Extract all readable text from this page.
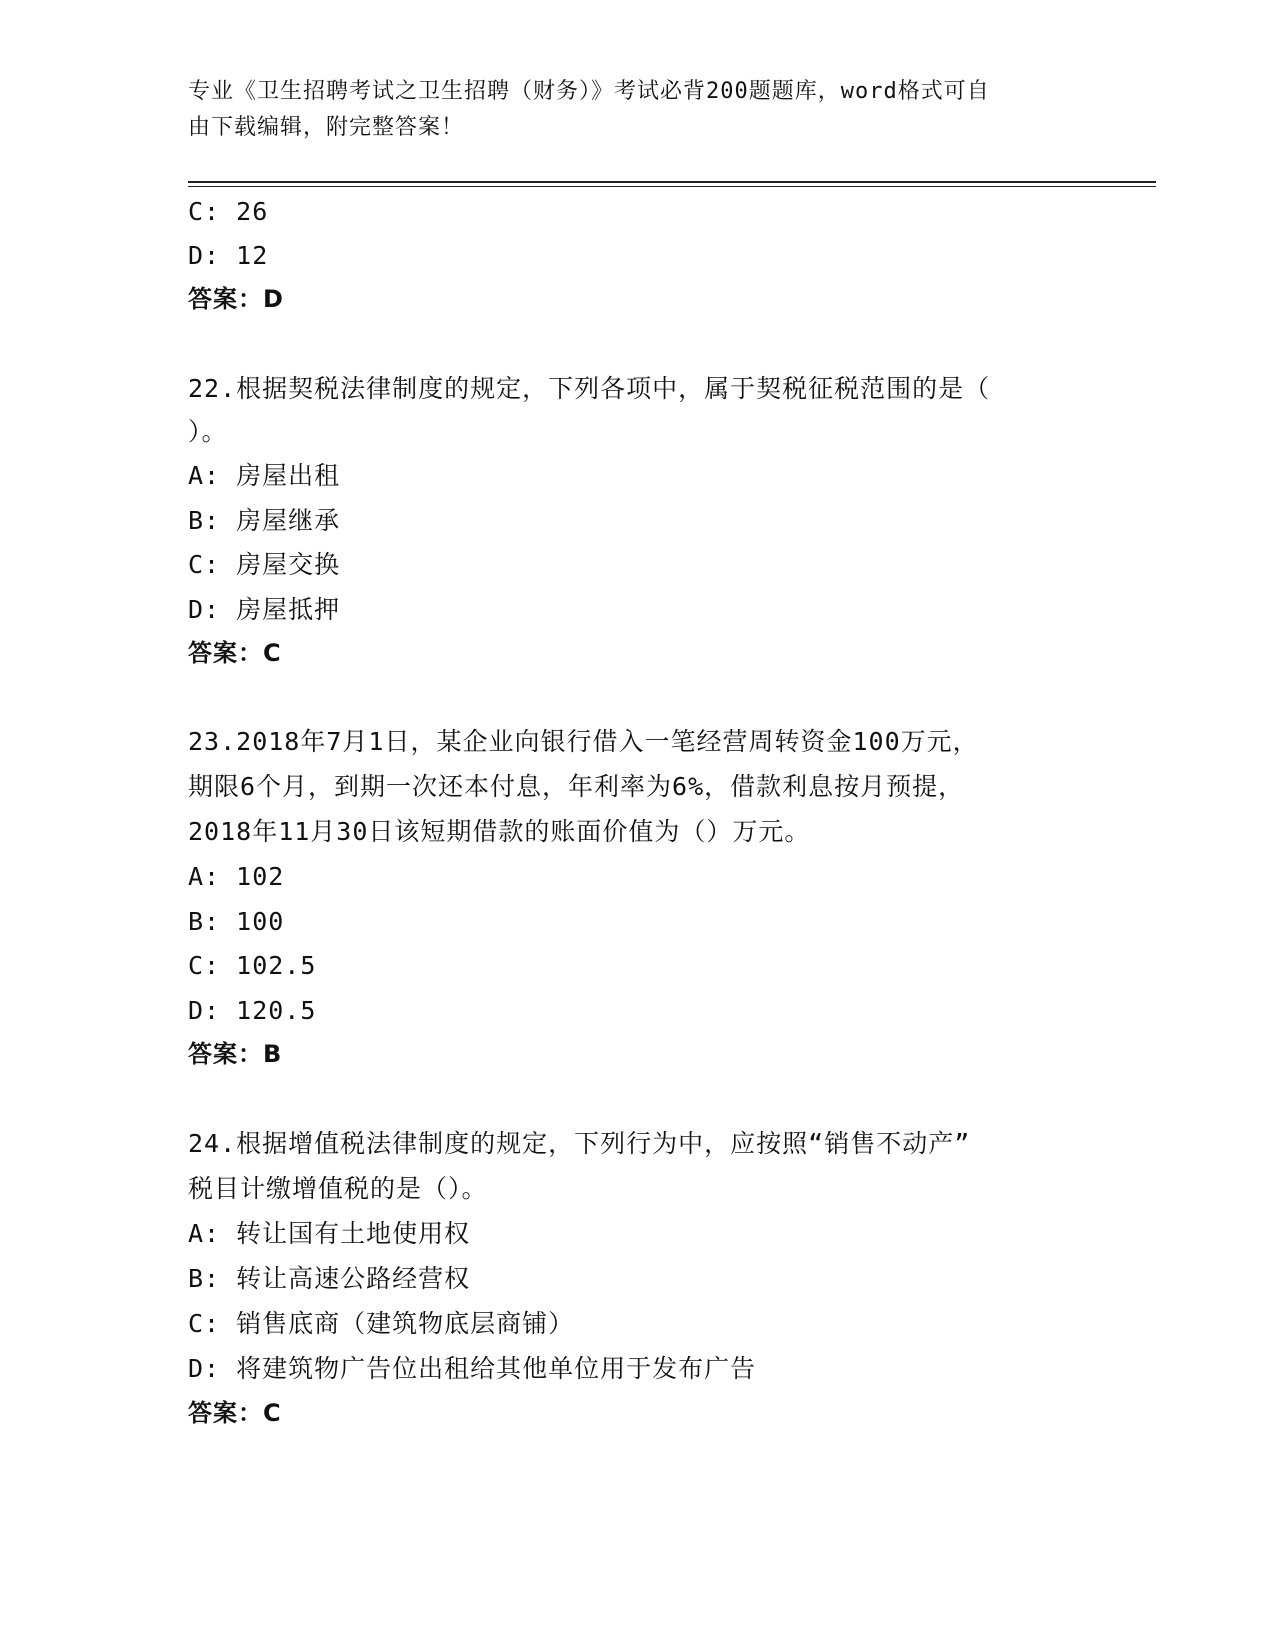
专业《卫生招聘考试之卫生招聘（财务）》考试必背200题题库，word格式可自
由下载编辑，附完整答案！
C: 26
D: 12
答案：D
22.根据契税法律制度的规定，下列各项中，属于契税征税范围的是（
）。
A: 房屋出租
B: 房屋继承
C: 房屋交换
D: 房屋抵押
答案：C
23.2018年7月1日，某企业向银行借入一笔经营周转资金100万元，
期限6个月，到期一次还本付息，年利率为6%，借款利息按月预提，
2018年11月30日该短期借款的账面价值为（）万元。
A: 102
B: 100
C: 102.5
D: 120.5
答案：B
24.根据增值税法律制度的规定，下列行为中，应按照“销售不动产”
税目计缴增值税的是（）。
A: 转让国有土地使用权
B: 转让高速公路经营权
C: 销售底商（建筑物底层商铺）
D: 将建筑物广告位出租给其他单位用于发布广告
答案：C
